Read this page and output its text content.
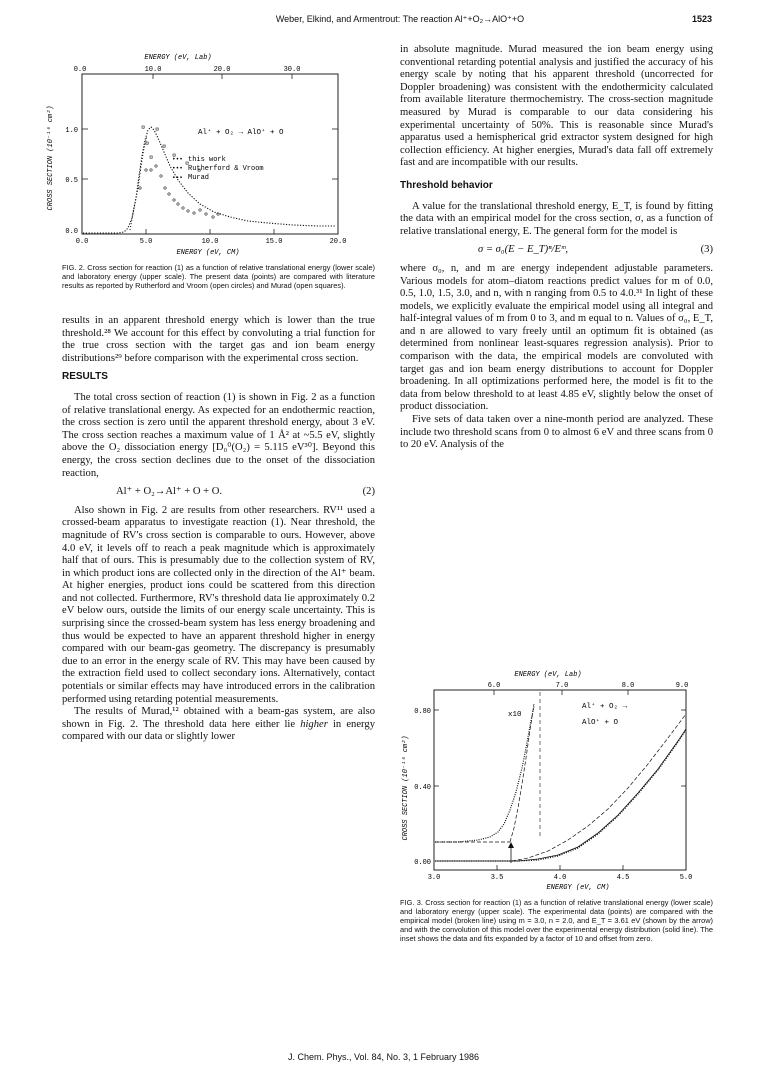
Weber, Elkind, and Armentrout: The reaction Al⁺+O₂→AlO⁺+O	1523
ENERGY (eV, Lab)
0.0	10.0	20.0	30.0
0.0
0.5
1.0
CROSS SECTION (10⁻¹⁶ cm²)
0.0	5.0	10.0	15.0	20.0
ENERGY (eV, CM)
Al⁺ + O₂ → AlO⁺ + O
••• this work
••• Rutherford & Vroom
▪▪▪ Murad
FIG. 2. Cross section for reaction (1) as a function of relative translational energy (lower scale) and laboratory energy (upper scale). The present data (points) are compared with literature results as reported by Rutherford and Vroom (open circles) and Murad (open squares).

results in an apparent threshold energy which is lower than the true threshold.²⁸ We account for this effect by convoluting a trial function for the true cross section with the target gas and ion beam energy distributions²⁹ before comparison with the experimental cross section.

RESULTS

The total cross section of reaction (1) is shown in Fig. 2 as a function of relative translational energy. As expected for an endothermic reaction, the cross section is zero until the apparent threshold energy, about 3 eV. The cross section reaches a maximum value of 1 Å² at ~5.5 eV, slightly above the O₂ dissociation energy [D₀⁰(O₂) = 5.115 eV³⁰]. Beyond this energy, the cross section declines due to the onset of the dissociation reaction,

Al⁺ + O₂→Al⁺ + O + O.	(2)

Also shown in Fig. 2 are results from other researchers. RV¹¹ used a crossed-beam apparatus to investigate reaction (1). Near threshold, the magnitude of RV's cross section is comparable to ours. However, above 4.0 eV, it levels off to reach a peak magnitude which is approximately half that of ours. This is presumably due to the collection system of RV, in which product ions are collected only in the direction of the Al⁺ beam. At higher energies, product ions could be scattered from this direction and not collected. Furthermore, RV's threshold data lie approximately 0.2 eV below ours, outside the limits of our energy scale uncertainty. This is surprising since the crossed-beam system has less energy broadening and thus would be expected to have an apparent threshold higher in energy compared with our beam-gas geometry. The discrepancy is presumably due to an error in the energy scale of RV. This may have been caused by the extraction field used to collect secondary ions. Alternatively, contact potentials or similar effects may have introduced errors in the calibration performed using retarding potential measurements.

The results of Murad,¹² obtained with a beam-gas system, are also shown in Fig. 2. The threshold data here either lie higher in energy compared with our data or slightly lower

in absolute magnitude. Murad measured the ion beam energy using conventional retarding potential analysis and justified the accuracy of his energy scale by noting that his apparent threshold (uncorrected for Doppler broadening) was consistent with the endothermicity calculated from available literature thermochemistry. The cross-section magnitude measured by Murad is comparable to our data considering his experimental uncertainty of 50%. This is reasonable since Murad's apparatus used a hemispherical grid extractor system designed for high collection efficiency. At higher energies, Murad's data fall off extremely fast and are incompatible with our results.

Threshold behavior

A value for the translational threshold energy, E_T, is found by fitting the data with an empirical model for the cross section, σ, as a function of relative translational energy, E. The general form for the model is

σ = σ₀(E − E_T)ⁿ/Eᵐ,	(3)

where σ₀, n, and m are energy independent adjustable parameters. Various models for atom–diatom reactions predict values for m of 0.0, 0.5, 1.0, 1.5, 3.0, and n, with n ranging from 0.5 to 4.0.³¹ In light of these models, we explicitly evaluate the empirical model using all integral and half-integral values of m from 0 to 3, and m equal to n. Values of σ₀, E_T, and n are allowed to vary freely until an optimum fit is obtained (as determined from nonlinear least-squares regression analysis). Prior to comparison with the data, the empirical models are convoluted with target gas and ion beam energy distributions to account for Doppler broadening. In all optimizations performed here, the model is fit to the data from below threshold to at least 4.85 eV, slightly below the onset of product dissociation.

Five sets of data taken over a nine-month period are analyzed. These include two threshold scans from 0 to almost 6 eV and three scans from 0 to 20 eV. Analysis of the

ENERGY (eV, Lab)
6.0	7.0	8.0	9.0
0.00
0.40
0.80
CROSS SECTION (10⁻¹⁶ cm²)
3.0	3.5	4.0	4.5	5.0
ENERGY (eV, CM)
x10
Al⁺ + O₂ →
AlO⁺ + O
FIG. 3. Cross section for reaction (1) as a function of relative translational energy (lower scale) and laboratory energy (upper scale). The experimental data (points) are compared with the empirical model (broken line) using m = 3.0, n = 2.0, and E_T = 3.61 eV (shown by the arrow) and with the convolution of this model over the experimental energy distribution (solid line). The inset shows the data and fits expanded by a factor of 10 and offset from zero.
J. Chem. Phys., Vol. 84, No. 3, 1 February 1986
